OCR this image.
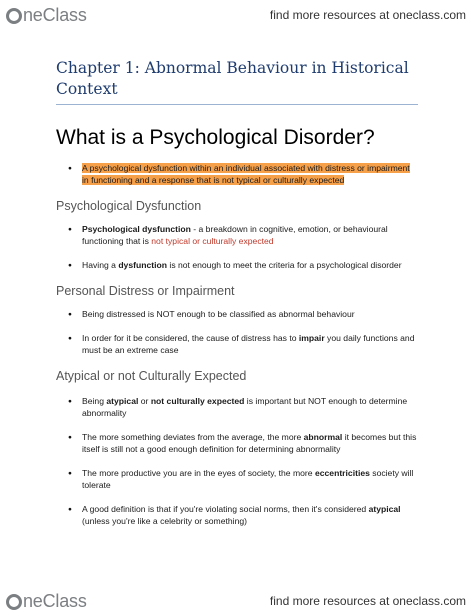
neClass	find more resources at oneclass.com
Chapter 1: Abnormal Behaviour in Historical Context
What is a Psychological Disorder?
● A psychological dysfunction within an individual associated with distress or impairment in functioning and a response that is not typical or culturally expected
Psychological Dysfunction
● Psychological dysfunction - a breakdown in cognitive, emotion, or behavioural functioning that is not typical or culturally expected
● Having a dysfunction is not enough to meet the criteria for a psychological disorder
Personal Distress or Impairment
● Being distressed is NOT enough to be classified as abnormal behaviour
● In order for it be considered, the cause of distress has to impair you daily functions and must be an extreme case
Atypical or not Culturally Expected
● Being atypical or not culturally expected is important but NOT enough to determine abnormality
● The more something deviates from the average, the more abnormal it becomes but this itself is still not a good enough definition for determining abnormality
● The more productive you are in the eyes of society, the more eccentricities society will tolerate
● A good definition is that if you're violating social norms, then it's considered atypical (unless you're like a celebrity or something)
neClass	find more resources at oneclass.com
